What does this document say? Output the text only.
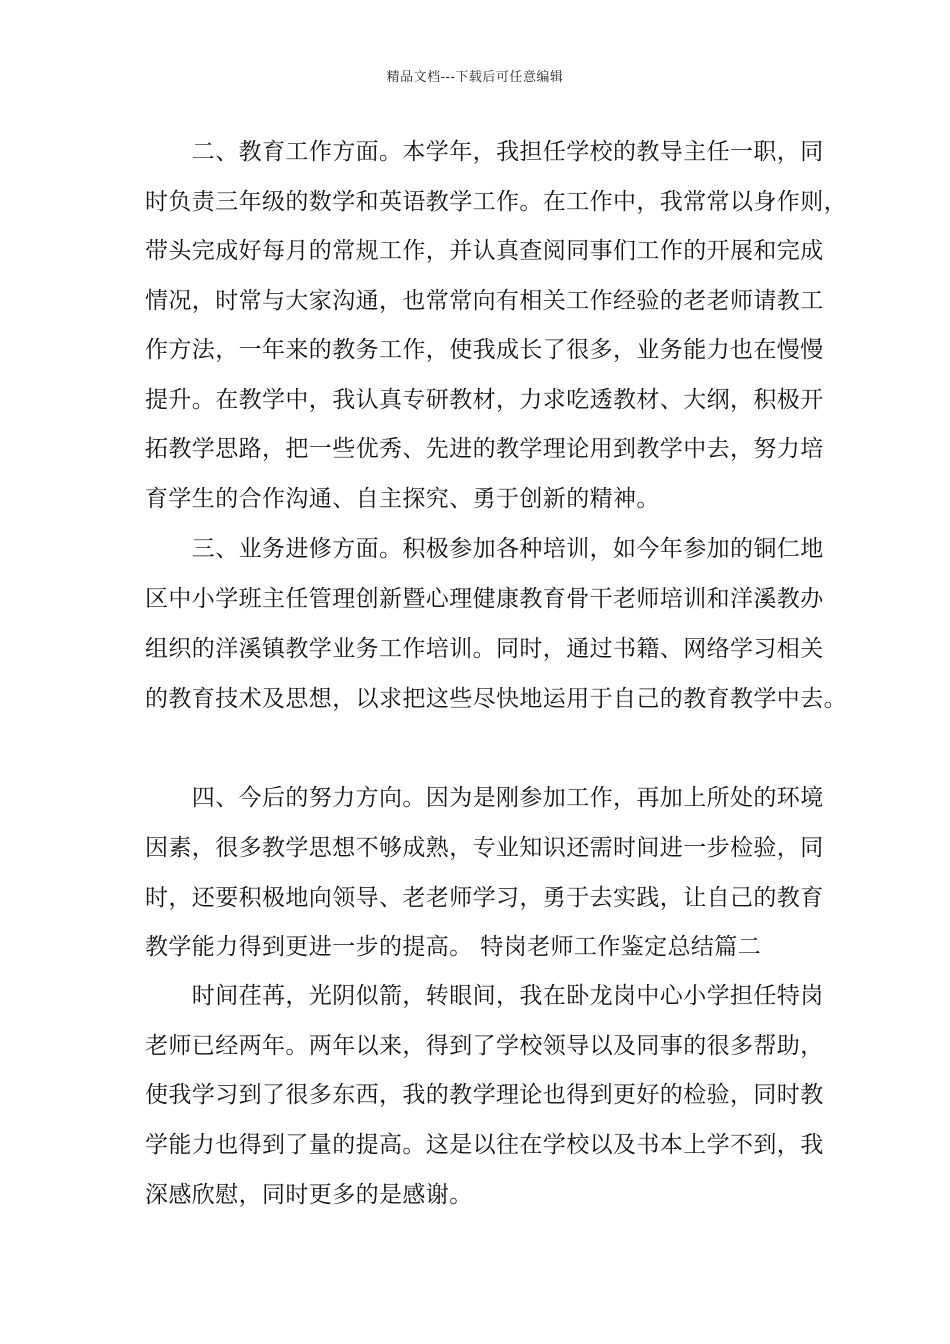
精品文档---下载后可任意编辑
　　二、教育工作方面。本学年，我担任学校的教导主任一职，同
时负责三年级的数学和英语教学工作。在工作中，我常常以身作则，
带头完成好每月的常规工作，并认真查阅同事们工作的开展和完成
情况，时常与大家沟通，也常常向有相关工作经验的老老师请教工
作方法，一年来的教务工作，使我成长了很多，业务能力也在慢慢
提升。在教学中，我认真专研教材，力求吃透教材、大纲，积极开
拓教学思路，把一些优秀、先进的教学理论用到教学中去，努力培
育学生的合作沟通、自主探究、勇于创新的精神。
　　三、业务进修方面。积极参加各种培训，如今年参加的铜仁地
区中小学班主任管理创新暨心理健康教育骨干老师培训和洋溪教办
组织的洋溪镇教学业务工作培训。同时，通过书籍、网络学习相关
的教育技术及思想，以求把这些尽快地运用于自己的教育教学中去。
　　四、今后的努力方向。因为是刚参加工作，再加上所处的环境
因素，很多教学思想不够成熟，专业知识还需时间进一步检验，同
时，还要积极地向领导、老老师学习，勇于去实践，让自己的教育
教学能力得到更进一步的提高。 特岗老师工作鉴定总结篇二
　　时间荏苒，光阴似箭，转眼间，我在卧龙岗中心小学担任特岗
老师已经两年。两年以来，得到了学校领导以及同事的很多帮助，
使我学习到了很多东西，我的教学理论也得到更好的检验，同时教
学能力也得到了量的提高。这是以往在学校以及书本上学不到，我
深感欣慰，同时更多的是感谢。
